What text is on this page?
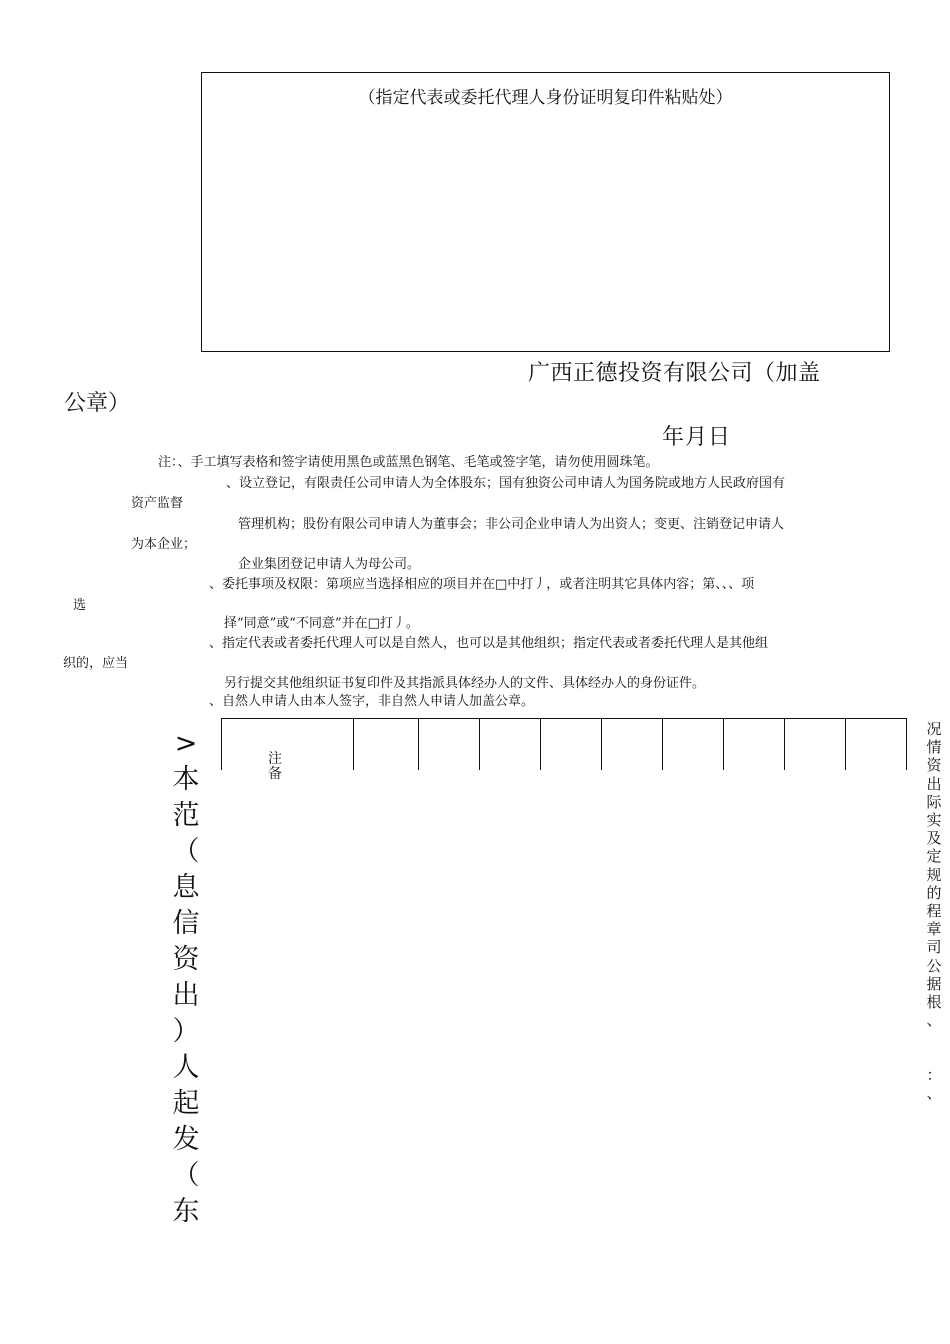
（指定代表或委托代理人身份证明复印件粘贴处）
广西正德投资有限公司（加盖
公章）
年月日
注：、手工填写表格和签字请使用黑色或蓝黑色钢笔、毛笔或签字笔，请勿使用圆珠笔。
、设立登记，有限责任公司申请人为全体股东；国有独资公司申请人为国务院或地方人民政府国有
资产监督
管理机构；股份有限公司申请人为董事会；非公司企业申请人为出资人；变更、注销登记申请人
为本企业；
企业集团登记申请人为母公司。
、委托事项及权限：第项应当选择相应的项目并在□中打丿，或者注明其它具体内容；第、、、项
选
择“同意”或“不同意”并在□打丿。
、指定代表或者委托代理人可以是自然人，也可以是其他组织；指定代表或者委托代理人是其他组
织的，应当
另行提交其他组织证书复印件及其指派具体经办人的文件、具体经办人的身份证件。
、自然人申请人由本人签字，非自然人申请人加盖公章。
>本
范
（
息
信
资
出
）
人
起
发
（
东
注
备
况
情
资
出
际
实
及
定
规
的
程
章
司
公
据
根
、

：
、
